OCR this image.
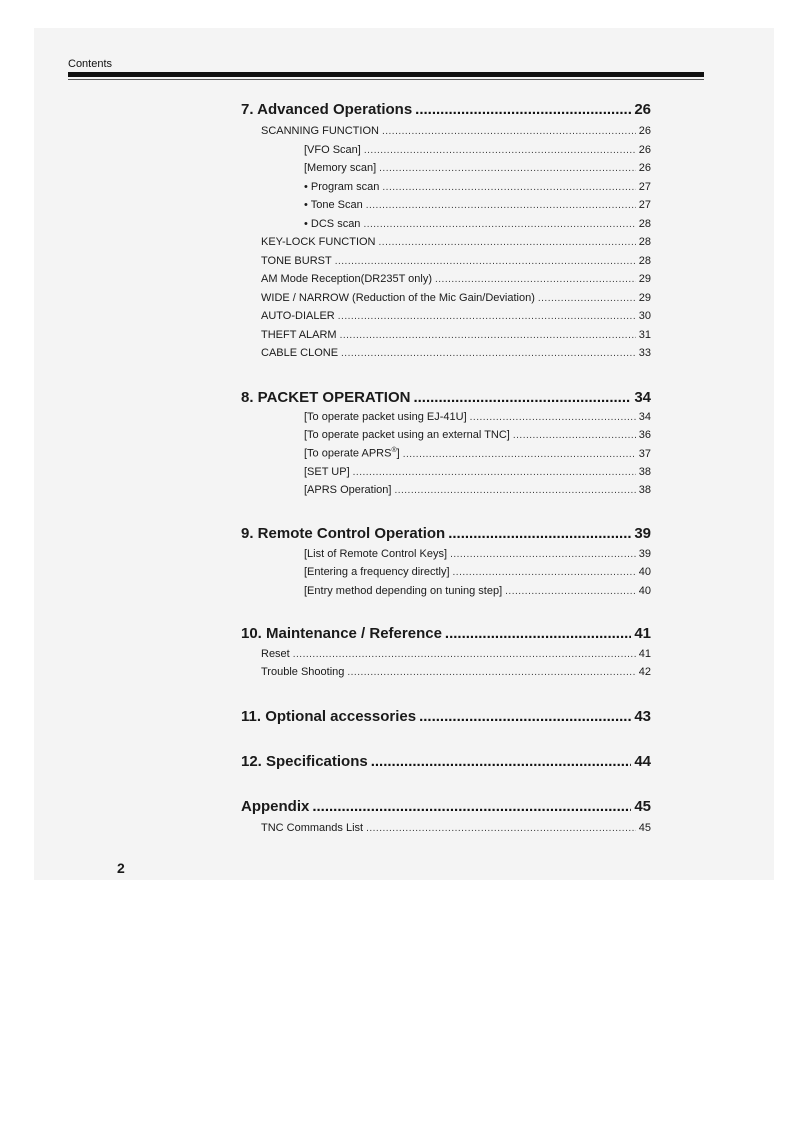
Contents
7. Advanced Operations .....	26
SCANNING FUNCTION .....	26
[VFO Scan] .....	26
[Memory scan] .....	26
• Program scan .....	27
• Tone Scan .....	27
• DCS scan .....	28
KEY-LOCK FUNCTION .....	28
TONE BURST .....	28
AM Mode Reception(DR235T only) .....	29
WIDE / NARROW (Reduction of the Mic Gain/Deviation) .....	29
AUTO-DIALER .....	30
THEFT ALARM .....	31
CABLE CLONE .....	33
8. PACKET OPERATION .....	34
[To operate packet using EJ-41U] .....	34
[To operate packet using an external TNC] .....	36
[To operate APRS®] .....	37
[SET UP] .....	38
[APRS Operation] .....	38
9. Remote Control Operation .....	39
[List of Remote Control Keys] .....	39
[Entering a frequency directly] .....	40
[Entry method depending on tuning step] .....	40
10. Maintenance / Reference .....	41
Reset .....	41
Trouble Shooting .....	42
11. Optional accessories .....	43
12. Specifications .....	44
Appendix .....	45
TNC Commands List .....	45
2
